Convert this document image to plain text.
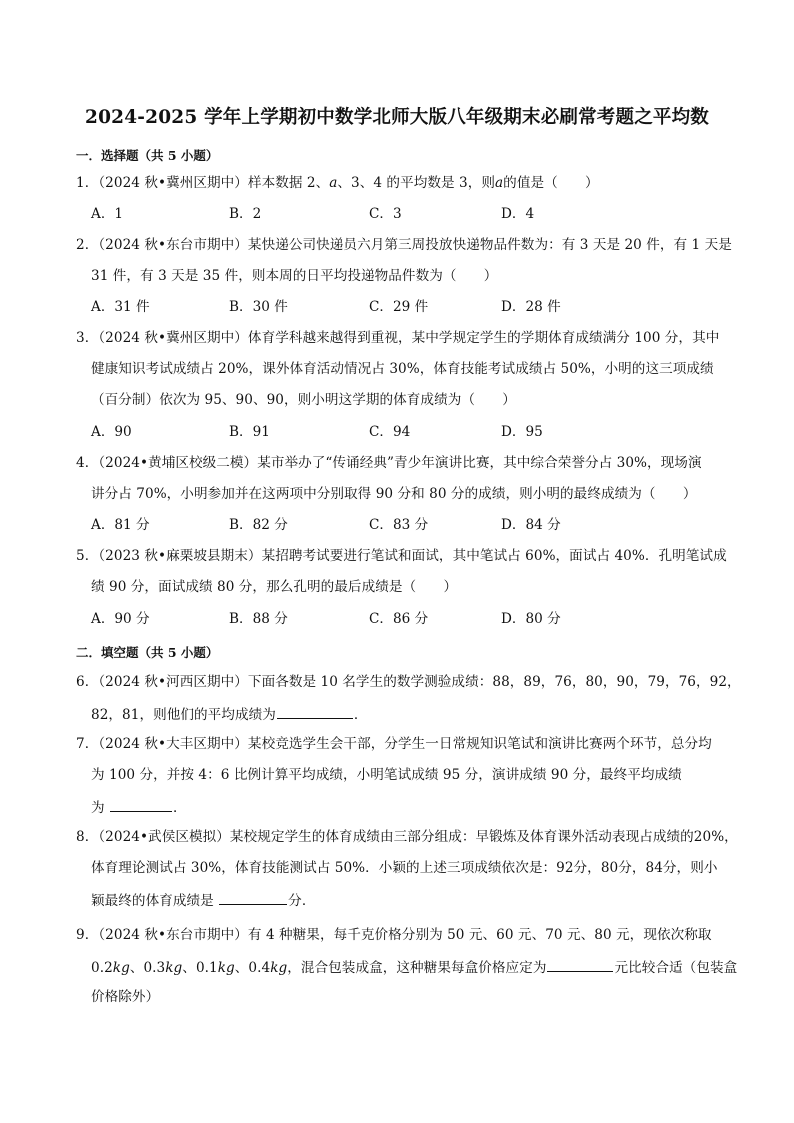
2024-2025 学年上学期初中数学北师大版八年级期末必刷常考题之平均数
一．选择题（共 5 小题）
1．（2024 秋•冀州区期中）样本数据 2、a、3、4 的平均数是 3，则a的值是（　　）
A．1	B．2	C．3	D．4
2．（2024 秋•东台市期中）某快递公司快递员六月第三周投放快递物品件数为：有 3 天是 20 件，有 1 天是
31 件，有 3 天是 35 件，则本周的日平均投递物品件数为（　　）
A．31 件	B．30 件	C．29 件	D．28 件
3．（2024 秋•冀州区期中）体育学科越来越得到重视，某中学规定学生的学期体育成绩满分 100 分，其中
健康知识考试成绩占 20%，课外体育活动情况占 30%，体育技能考试成绩占 50%，小明的这三项成绩
（百分制）依次为 95、90、90，则小明这学期的体育成绩为（　　）
A．90	B．91	C．94	D．95
4．（2024•黄埔区校级二模）某市举办了“传诵经典”青少年演讲比赛，其中综合荣誉分占 30%，现场演
讲分占 70%，小明参加并在这两项中分别取得 90 分和 80 分的成绩，则小明的最终成绩为（　　）
A．81 分	B．82 分	C．83 分	D．84 分
5．（2023 秋•麻栗坡县期末）某招聘考试要进行笔试和面试，其中笔试占 60%，面试占 40%．孔明笔试成
绩 90 分，面试成绩 80 分，那么孔明的最后成绩是（　　）
A．90 分	B．88 分	C．86 分	D．80 分
二．填空题（共 5 小题）
6．（2024 秋•河西区期中）下面各数是 10 名学生的数学测验成绩：88，89，76，80，90，79，76，92，
82，81，则他们的平均成绩为	．
7．（2024 秋•大丰区期中）某校竞选学生会干部，分学生一日常规知识笔试和演讲比赛两个环节，总分均
为 100 分，并按 4：6 比例计算平均成绩，小明笔试成绩 95 分，演讲成绩 90 分，最终平均成绩
为	．
8．（2024•武侯区模拟）某校规定学生的体育成绩由三部分组成：早锻炼及体育课外活动表现占成绩的20%，
体育理论测试占 30%，体育技能测试占 50%．小颖的上述三项成绩依次是：92分，80分，84分，则小
颖最终的体育成绩是	分．
9．（2024 秋•东台市期中）有 4 种糖果，每千克价格分别为 50 元、60 元、70 元、80 元，现依次称取
0.2kg、0.3kg、0.1kg、0.4kg，混合包装成盒，这种糖果每盒价格应定为	元比较合适（包装盒
价格除外）
